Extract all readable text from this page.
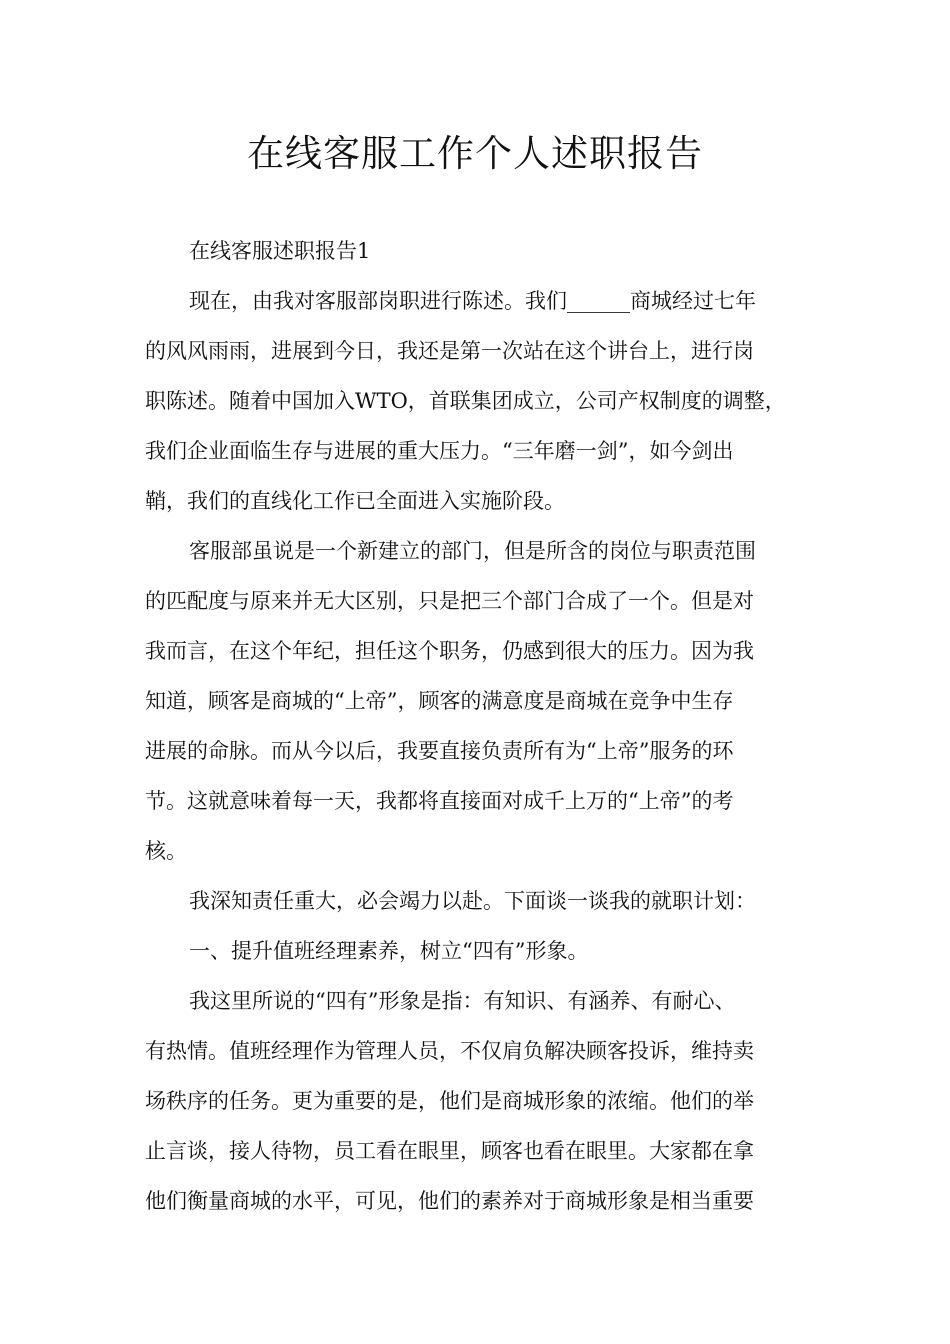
在线客服工作个人述职报告

在线客服述职报告1

现在，由我对客服部岗职进行陈述。我们______商城经过七年

的风风雨雨，进展到今日，我还是第一次站在这个讲台上，进行岗

职陈述。随着中国加入WTO，首联集团成立，公司产权制度的调整，

我们企业面临生存与进展的重大压力。“三年磨一剑”，如今剑出

鞘，我们的直线化工作已全面进入实施阶段。

客服部虽说是一个新建立的部门，但是所含的岗位与职责范围

的匹配度与原来并无大区别，只是把三个部门合成了一个。但是对

我而言，在这个年纪，担任这个职务，仍感到很大的压力。因为我

知道，顾客是商城的“上帝”，顾客的满意度是商城在竞争中生存

进展的命脉。而从今以后，我要直接负责所有为“上帝”服务的环

节。这就意味着每一天，我都将直接面对成千上万的“上帝”的考

核。

我深知责任重大，必会竭力以赴。下面谈一谈我的就职计划：

一、提升值班经理素养，树立“四有”形象。

我这里所说的“四有”形象是指：有知识、有涵养、有耐心、

有热情。值班经理作为管理人员，不仅肩负解决顾客投诉，维持卖

场秩序的任务。更为重要的是，他们是商城形象的浓缩。他们的举

止言谈，接人待物，员工看在眼里，顾客也看在眼里。大家都在拿

他们衡量商城的水平，可见，他们的素养对于商城形象是相当重要
